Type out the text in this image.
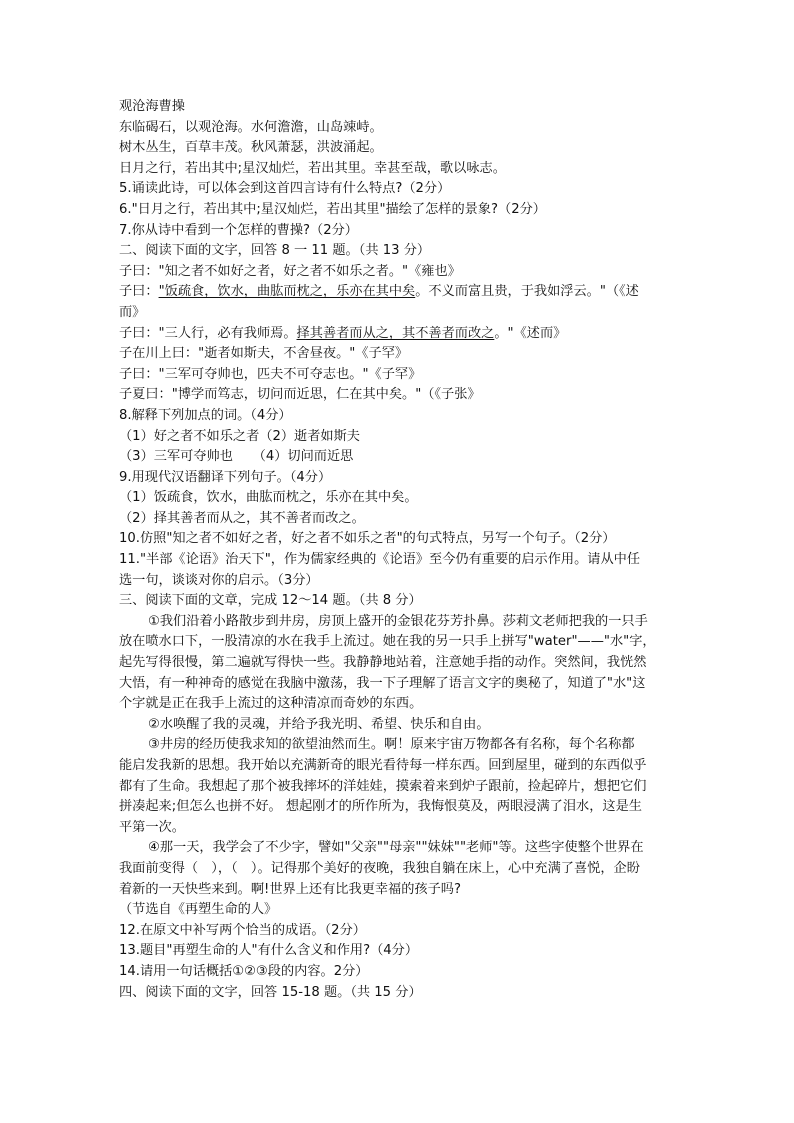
观沧海曹操
东临碣石，以观沧海。水何澹澹，山岛竦峙。
树木丛生，百草丰茂。秋风萧瑟，洪波涌起。
日月之行，若出其中;星汉灿烂，若出其里。幸甚至哉，歌以咏志。
5.诵读此诗，可以体会到这首四言诗有什么特点?（2分）
6."日月之行，若出其中;星汉灿烂，若出其里"描绘了怎样的景象?（2分）
7.你从诗中看到一个怎样的曹操?（2分）
二、阅读下面的文字，回答 8 一 11 题。（共 13 分）
子曰："知之者不如好之者，好之者不如乐之者。"《雍也》
子曰："饭疏食，饮水，曲肱而枕之，乐亦在其中矣。不义而富且贵，于我如浮云。"（《述
而》
子曰："三人行，必有我师焉。择其善者而从之，其不善者而改之。"《述而》
子在川上曰："逝者如斯夫，不舍昼夜。"《子罕》
子曰："三军可夺帅也，匹夫不可夺志也。"《子罕》
子夏曰："博学而笃志，切问而近思，仁在其中矣。"（《子张》
8.解释下列加点的词。（4分）
（1）好之者不如乐之者（2）逝者如斯夫
（3）三军可夺帅也　　（4）切问而近思
9.用现代汉语翻译下列句子。（4分）
（1）饭疏食，饮水，曲肱而枕之，乐亦在其中矣。
（2）择其善者而从之，其不善者而改之。
10.仿照"知之者不如好之者，好之者不如乐之者"的句式特点，另写一个句子。（2分）
11."半部《论语》治天下"，作为儒家经典的《论语》至今仍有重要的启示作用。请从中任
选一句，谈谈对你的启示。（3分）
三、阅读下面的文章，完成 12～14 题。（共 8 分）
①我们沿着小路散步到井房，房顶上盛开的金银花芬芳扑鼻。莎莉文老师把我的一只手
放在喷水口下，一股清凉的水在我手上流过。她在我的另一只手上拼写"water"——"水"字，
起先写得很慢，第二遍就写得快一些。我静静地站着，注意她手指的动作。突然间，我恍然
大悟，有一种神奇的感觉在我脑中激荡，我一下子理解了语言文字的奥秘了，知道了"水"这
个字就是正在我手上流过的这种清凉而奇妙的东西。
②水唤醒了我的灵魂，并给予我光明、希望、快乐和自由。
③井房的经历使我求知的欲望油然而生。啊！原来宇宙万物都各有名称，每个名称都
能启发我新的思想。我开始以充满新奇的眼光看待每一样东西。回到屋里，碰到的东西似乎
都有了生命。我想起了那个被我摔坏的洋娃娃，摸索着来到炉子跟前，捡起碎片，想把它们
拼凑起来;但怎么也拼不好。 想起刚才的所作所为，我悔恨莫及，两眼浸满了泪水，这是生
平第一次。
④那一天，我学会了不少字，譬如"父亲""母亲""妹妹""老师"等。这些字使整个世界在
我面前变得（　），（　）。记得那个美好的夜晚，我独自躺在床上，心中充满了喜悦，企盼
着新的一天快些来到。啊!世界上还有比我更幸福的孩子吗?
（节选自《再塑生命的人》
12.在原文中补写两个恰当的成语。（2分）
13.题目"再塑生命的人"有什么含义和作用?（4分）
14.请用一句话概括①②③段的内容。2分）
四、阅读下面的文字，回答 15-18 题。（共 15 分）
